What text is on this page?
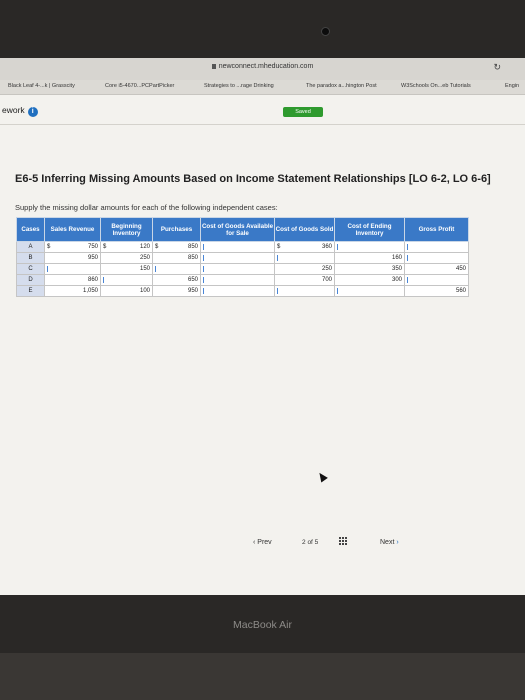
newconnect.mheducation.com	↻
Black Leaf 4-...k | Grasscity	Core i5-4670...PCPartPicker	Strategies to ...rage Drinking	The paradox a...hington Post	W3Schools On...eb Tutorials	Engin
ework i	Saved
E6-5 Inferring Missing Amounts Based on Income Statement Relationships [LO 6-2, LO 6-6]
Supply the missing dollar amounts for each of the following independent cases:
Cases	Sales Revenue	Beginning Inventory	Purchases	Cost of Goods Available for Sale	Cost of Goods Sold	Cost of Ending Inventory	Gross Profit
A	$ 750	$ 120	$ 850		$ 360		
B	950	250	850			160	
C		150			250	350	450
D	860		650		700	300	
E	1,050	100	950				560
‹ Prev	2 of 5	Next ›
MacBook Air
